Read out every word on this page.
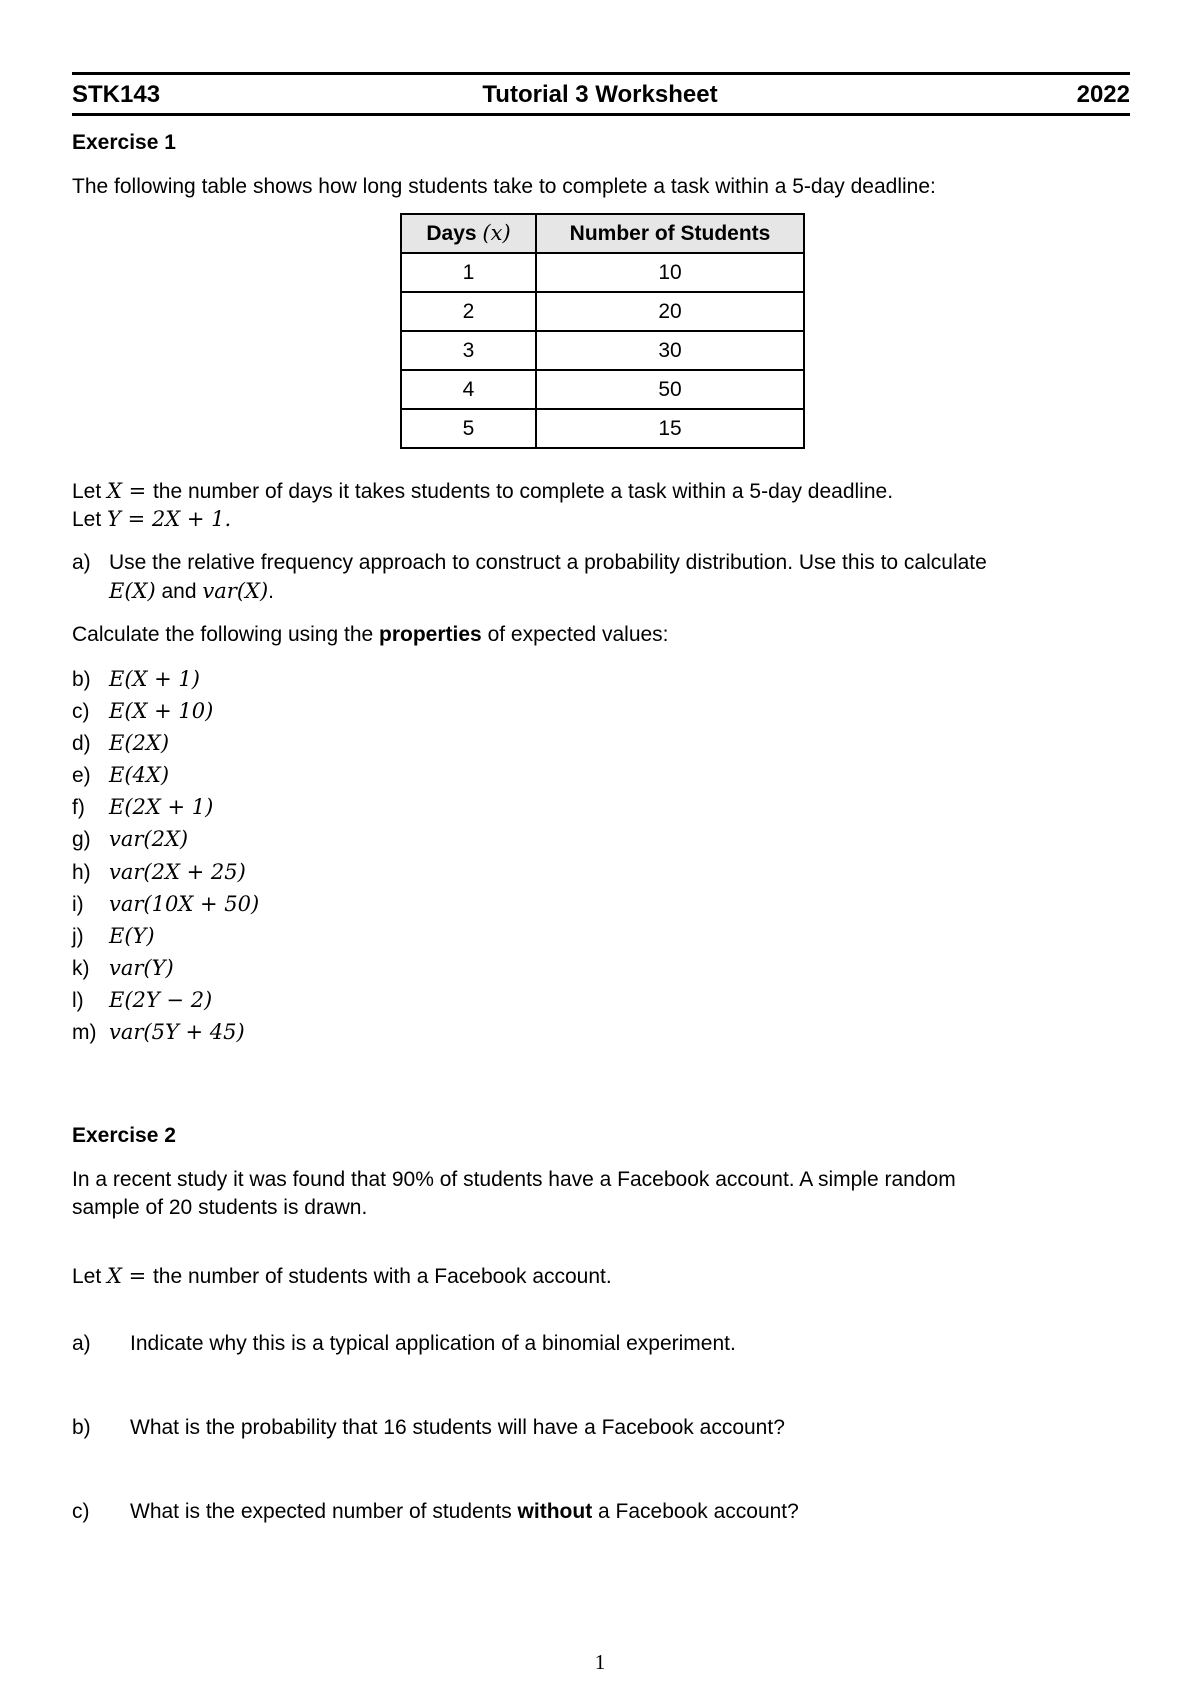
STK143	Tutorial 3 Worksheet	2022
Exercise 1
The following table shows how long students take to complete a task within a 5-day deadline:
Days (x)	Number of Students
1	10
2	20
3	30
4	50
5	15
Let X = the number of days it takes students to complete a task within a 5-day deadline.
Let Y = 2X + 1.
a) Use the relative frequency approach to construct a probability distribution. Use this to calculate
E(X) and var(X).
Calculate the following using the properties of expected values:
b) E(X + 1)
c) E(X + 10)
d) E(2X)
e) E(4X)
f) E(2X + 1)
g) var(2X)
h) var(2X + 25)
i) var(10X + 50)
j) E(Y)
k) var(Y)
l) E(2Y − 2)
m) var(5Y + 45)
Exercise 2
In a recent study it was found that 90% of students have a Facebook account. A simple random
sample of 20 students is drawn.
Let X = the number of students with a Facebook account.
a) Indicate why this is a typical application of a binomial experiment.
b) What is the probability that 16 students will have a Facebook account?
c) What is the expected number of students without a Facebook account?
1
